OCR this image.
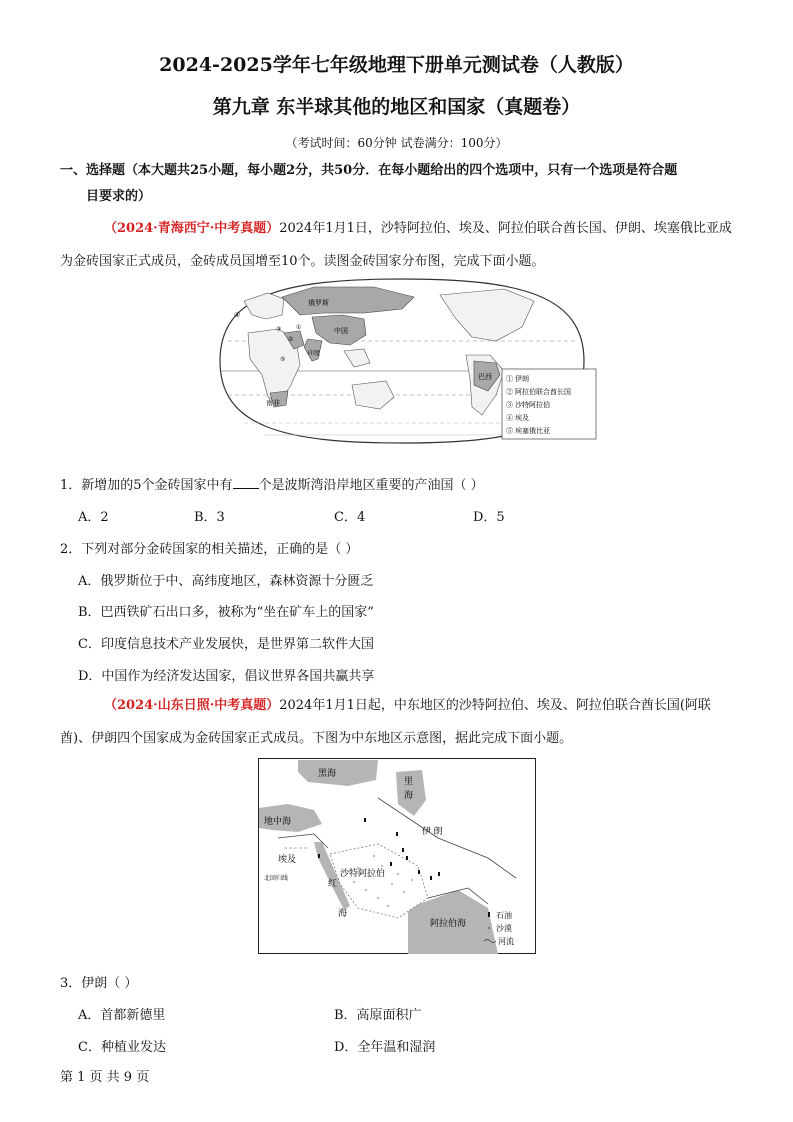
2024-2025学年七年级地理下册单元测试卷（人教版）
第九章 东半球其他的地区和国家（真题卷）
（考试时间：60分钟 试卷满分：100分）
一、选择题（本大题共25小题，每小题2分，共50分．在每小题给出的四个选项中，只有一个选项是符合题
目要求的）
（2024·青海西宁·中考真题）2024年1月1日，沙特阿拉伯、埃及、阿拉伯联合酋长国、伊朗、埃塞俄比亚成为金砖国家正式成员，金砖成员国增至10个。读图金砖国家分布图，完成下面小题。
俄罗斯
中国
印度
巴西
南非
④
③
②
①
⑤
① 伊朗
② 阿拉伯联合酋长国
③ 沙特阿拉伯
④ 埃及
⑤ 埃塞俄比亚
1．新增加的5个金砖国家中有 个是波斯湾沿岸地区重要的产油国（ ）
A．2	B．3	C．4	D．5
2．下列对部分金砖国家的相关描述，正确的是（ ）
A．俄罗斯位于中、高纬度地区，森林资源十分匮乏
B．巴西铁矿石出口多，被称为“坐在矿车上的国家”
C．印度信息技术产业发展快，是世界第二软件大国
D．中国作为经济发达国家，倡议世界各国共赢共享
（2024·山东日照·中考真题）2024年1月1日起，中东地区的沙特阿拉伯、埃及、阿拉伯联合酋长国(阿联酋)、伊朗四个国家成为金砖国家正式成员。下图为中东地区示意图，据此完成下面小题。
黑海
里
海
地中海
伊 朗
埃及
北回归线
沙特阿拉伯
红
海
阿拉伯海
石油
沙漠
河流
3．伊朗（ ）
A．首都新德里	B．高原面积广
C．种植业发达	D．全年温和湿润
第 1 页 共 9 页
